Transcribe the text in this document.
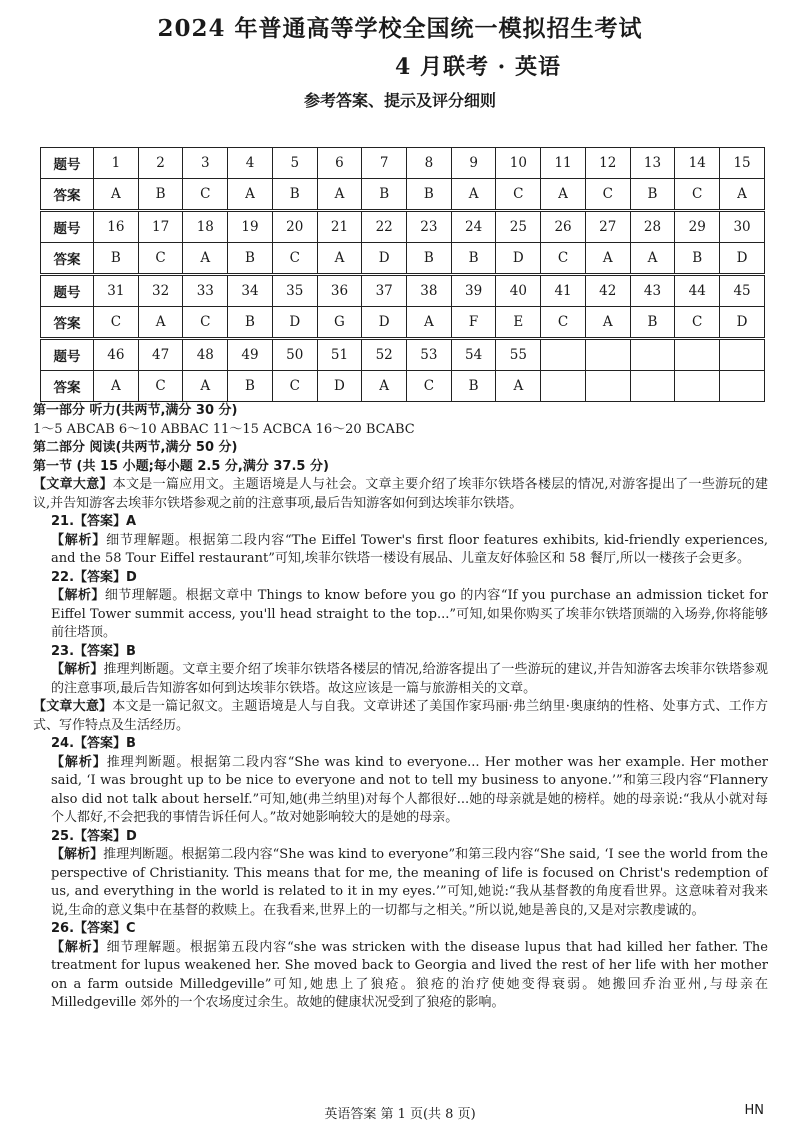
2024 年普通高等学校全国统一模拟招生考试
4 月联考 · 英语
参考答案、提示及评分细则
题号	1	2	3	4	5	6	7	8	9	10	11	12	13	14	15
答案	A	B	C	A	B	A	B	B	A	C	A	C	B	C	A
题号	16	17	18	19	20	21	22	23	24	25	26	27	28	29	30
答案	B	C	A	B	C	A	D	B	B	D	C	A	A	B	D
题号	31	32	33	34	35	36	37	38	39	40	41	42	43	44	45
答案	C	A	C	B	D	G	D	A	F	E	C	A	B	C	D
题号	46	47	48	49	50	51	52	53	54	55					
答案	A	C	A	B	C	D	A	C	B	A					

第一部分 听力(共两节,满分 30 分)

1～5 ABCAB 6～10 ABBAC 11～15 ACBCA 16～20 BCABC

第二部分 阅读(共两节,满分 50 分)

第一节 (共 15 小题;每小题 2.5 分,满分 37.5 分)

【文章大意】本文是一篇应用文。主题语境是人与社会。文章主要介绍了埃菲尔铁塔各楼层的情况,对游客提出了一些游玩的建议,并告知游客去埃菲尔铁塔参观之前的注意事项,最后告知游客如何到达埃菲尔铁塔。

21.【答案】A

【解析】细节理解题。根据第二段内容“The Eiffel Tower's first floor features exhibits, kid-friendly experiences, and the 58 Tour Eiffel restaurant”可知,埃菲尔铁塔一楼设有展品、儿童友好体验区和 58 餐厅,所以一楼孩子会更多。

22.【答案】D

【解析】细节理解题。根据文章中 Things to know before you go 的内容“If you purchase an admission ticket for Eiffel Tower summit access, you'll head straight to the top...”可知,如果你购买了埃菲尔铁塔顶端的入场券,你将能够前往塔顶。

23.【答案】B

【解析】推理判断题。文章主要介绍了埃菲尔铁塔各楼层的情况,给游客提出了一些游玩的建议,并告知游客去埃菲尔铁塔参观的注意事项,最后告知游客如何到达埃菲尔铁塔。故这应该是一篇与旅游相关的文章。

【文章大意】本文是一篇记叙文。主题语境是人与自我。文章讲述了美国作家玛丽·弗兰纳里·奥康纳的性格、处事方式、工作方式、写作特点及生活经历。

24.【答案】B

【解析】推理判断题。根据第二段内容“She was kind to everyone... Her mother was her example. Her mother said, ‘I was brought up to be nice to everyone and not to tell my business to anyone.’”和第三段内容“Flannery also did not talk about herself.”可知,她(弗兰纳里)对每个人都很好...她的母亲就是她的榜样。她的母亲说:“我从小就对每个人都好,不会把我的事情告诉任何人。”故对她影响较大的是她的母亲。

25.【答案】D

【解析】推理判断题。根据第二段内容“She was kind to everyone”和第三段内容“She said, ‘I see the world from the perspective of Christianity. This means that for me, the meaning of life is focused on Christ's redemption of us, and everything in the world is related to it in my eyes.’”可知,她说:“我从基督教的角度看世界。这意味着对我来说,生命的意义集中在基督的救赎上。在我看来,世界上的一切都与之相关。”所以说,她是善良的,又是对宗教虔诚的。

26.【答案】C

【解析】细节理解题。根据第五段内容“she was stricken with the disease lupus that had killed her father. The treatment for lupus weakened her. She moved back to Georgia and lived the rest of her life with her mother on a farm outside Milledgeville”可知,她患上了狼疮。狼疮的治疗使她变得衰弱。她搬回乔治亚州,与母亲在 Milledgeville 郊外的一个农场度过余生。故她的健康状况受到了狼疮的影响。

英语答案 第 1 页(共 8 页)	HN
